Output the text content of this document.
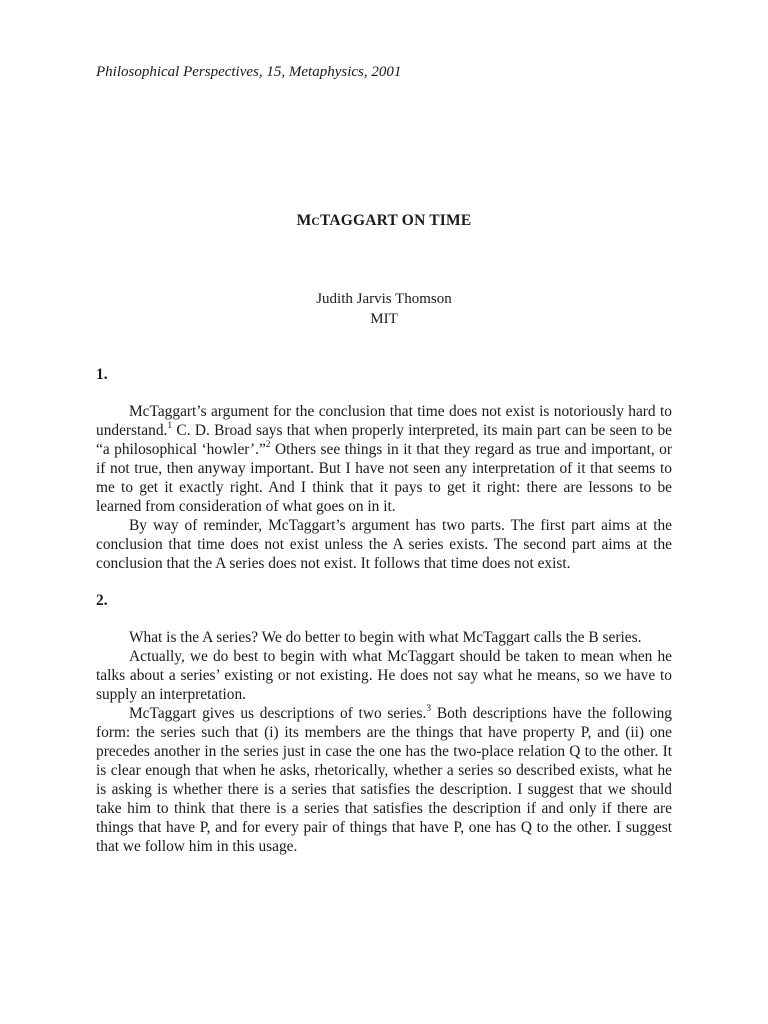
Philosophical Perspectives, 15, Metaphysics, 2001
MCTAGGART ON TIME
Judith Jarvis Thomson
MIT
1.

McTaggart’s argument for the conclusion that time does not exist is notoriously hard to understand.$^1$ C. D. Broad says that when properly interpreted, its main part can be seen to be “a philosophical ‘howler’.”$^2$ Others see things in it that they regard as true and important, or if not true, then anyway important. But I have not seen any interpretation of it that seems to me to get it exactly right. And I think that it pays to get it right: there are lessons to be learned from consideration of what goes on in it.

By way of reminder, McTaggart’s argument has two parts. The first part aims at the conclusion that time does not exist unless the A series exists. The second part aims at the conclusion that the A series does not exist. It follows that time does not exist.

2.

What is the A series? We do better to begin with what McTaggart calls the B series.

Actually, we do best to begin with what McTaggart should be taken to mean when he talks about a series’ existing or not existing. He does not say what he means, so we have to supply an interpretation.

McTaggart gives us descriptions of two series.$^3$ Both descriptions have the following form: the series such that (i) its members are the things that have property P, and (ii) one precedes another in the series just in case the one has the two-place relation Q to the other. It is clear enough that when he asks, rhetorically, whether a series so described exists, what he is asking is whether there is a series that satisfies the description. I suggest that we should take him to think that there is a series that satisfies the description if and only if there are things that have P, and for every pair of things that have P, one has Q to the other. I suggest that we follow him in this usage.
